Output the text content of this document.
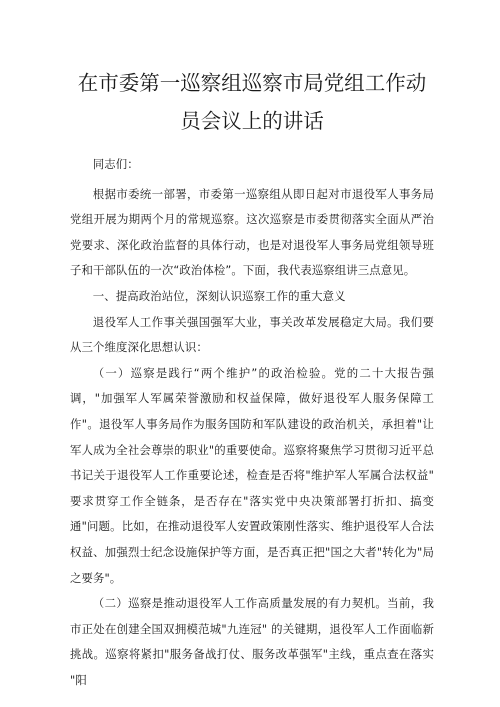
在市委第一巡察组巡察市局党组工作动
员会议上的讲话

同志们：

根据市委统一部署，市委第一巡察组从即日起对市退役军人事务局党组开展为期两个月的常规巡察。这次巡察是市委贯彻落实全面从严治党要求、深化政治监督的具体行动，也是对退役军人事务局党组领导班子和干部队伍的一次“政治体检”。下面，我代表巡察组讲三点意见。

一、提高政治站位，深刻认识巡察工作的重大意义

退役军人工作事关强国强军大业，事关改革发展稳定大局。我们要从三个维度深化思想认识：

（一）巡察是践行“两个维护”的政治检验。党的二十大报告强调，"加强军人军属荣誉激励和权益保障，做好退役军人服务保障工作"。退役军人事务局作为服务国防和军队建设的政治机关，承担着"让军人成为全社会尊崇的职业"的重要使命。巡察将聚焦学习贯彻习近平总书记关于退役军人工作重要论述，检查是否将"维护军人军属合法权益" 要求贯穿工作全链条，是否存在"落实党中央决策部署打折扣、搞变通"问题。比如，在推动退役军人安置政策刚性落实、维护退役军人合法权益、加强烈士纪念设施保护等方面，是否真正把"国之大者"转化为"局之要务"。

（二）巡察是推动退役军人工作高质量发展的有力契机。当前，我市正处在创建全国双拥模范城"九连冠" 的关键期，退役军人工作面临新挑战。巡察将紧扣"服务备战打仗、服务改革强军"主线，重点查在落实 "阳
